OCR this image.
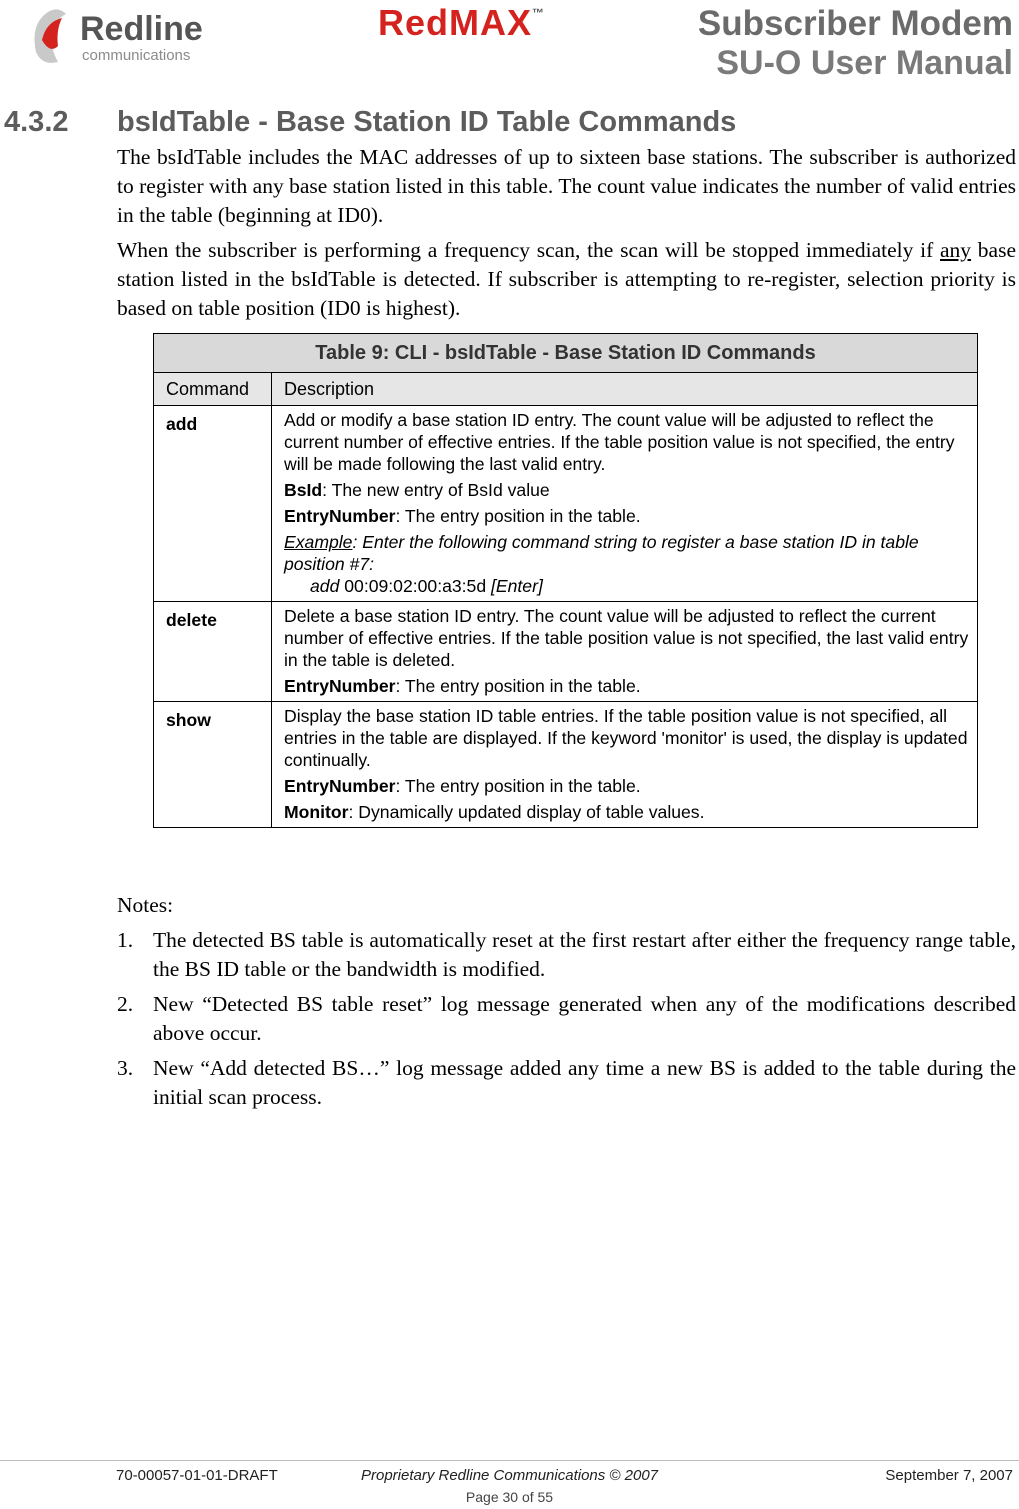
Redline
communications
RedMAX™	Subscriber Modem
SU-O User Manual
4.3.2 bsIdTable - Base Station ID Table Commands
The bsIdTable includes the MAC addresses of up to sixteen base stations. The subscriber is authorized to register with any base station listed in this table. The count value indicates the number of valid entries in the table (beginning at ID0).
When the subscriber is performing a frequency scan, the scan will be stopped immediately if any base station listed in the bsIdTable is detected. If subscriber is attempting to re-register, selection priority is based on table position (ID0 is highest).
Table 9: CLI - bsIdTable - Base Station ID Commands	
Command	Description
add	Add or modify a base station ID entry. The count value will be adjusted to reflect the current number of effective entries. If the table position value is not specified, the entry will be made following the last valid entry.

BsId: The new entry of BsId value

EntryNumber: The entry position in the table.

Example: Enter the following command string to register a base station ID in table position #7:

add 00:09:02:00:a3:5d [Enter]

delete	Delete a base station ID entry. The count value will be adjusted to reflect the current number of effective entries. If the table position value is not specified, the last valid entry in the table is deleted.

EntryNumber: The entry position in the table.

show	Display the base station ID table entries. If the table position value is not specified, all entries in the table are displayed. If the keyword 'monitor' is used, the display is updated continually.

EntryNumber: The entry position in the table.

Monitor: Dynamically updated display of table values.

Notes:
1. The detected BS table is automatically reset at the first restart after either the frequency range table, the BS ID table or the bandwidth is modified.
2. New “Detected BS table reset” log message generated when any of the modifications described above occur.
3. New “Add detected BS…” log message added any time a new BS is added to the table during the initial scan process.
Proprietary Redline Communications © 2007
70-00057-01-01-DRAFT	September 7, 2007
Page 30 of 55
